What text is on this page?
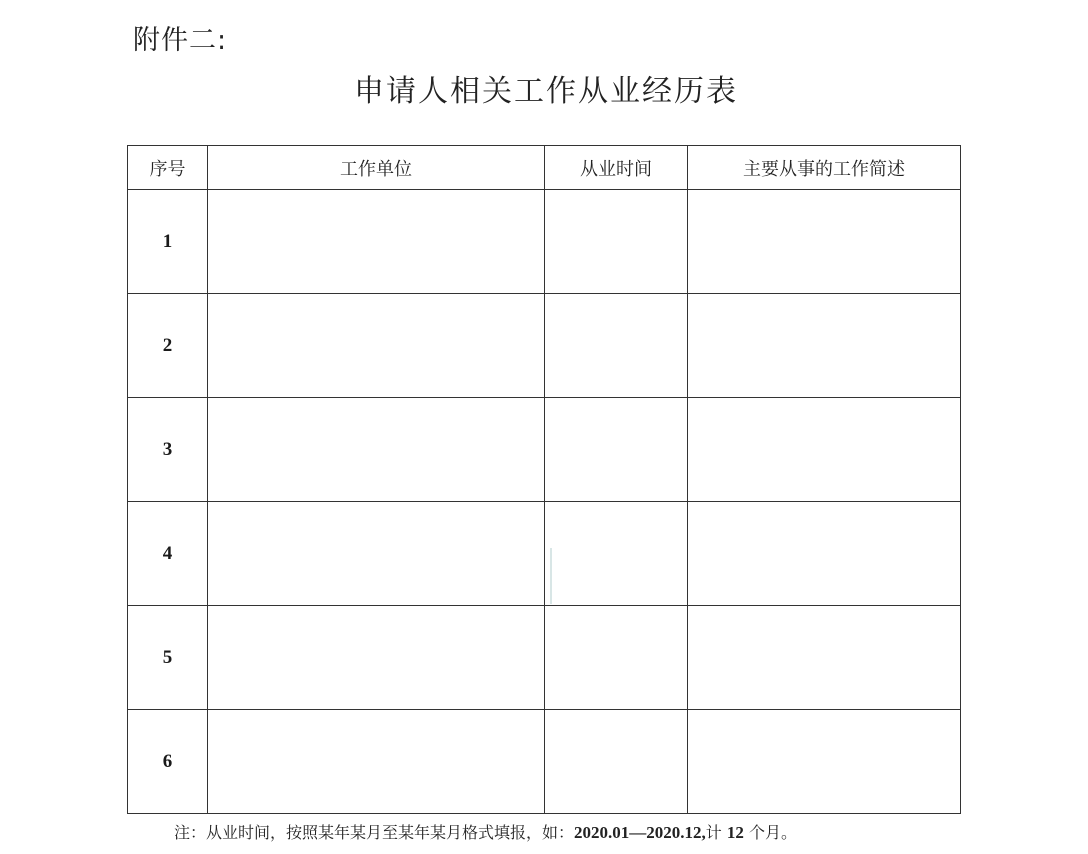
附件二:
申请人相关工作从业经历表
序号	工作单位	从业时间	主要从事的工作简述
1			
2			
3			
4			
5			
6			
注：从业时间，按照某年某月至某年某月格式填报，如：2020.01—2020.12,计 12 个月。
